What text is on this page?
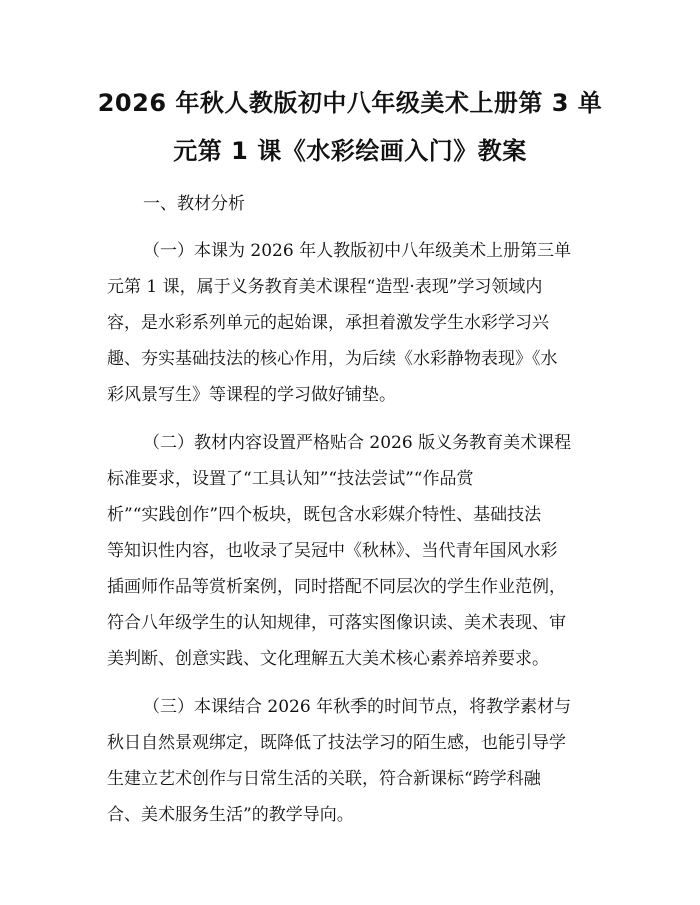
2026 年秋人教版初中八年级美术上册第 3 单
元第 1 课《水彩绘画入门》教案
一、教材分析
（一）本课为 2026 年人教版初中八年级美术上册第三单
元第 1 课，属于义务教育美术课程“造型·表现”学习领域内
容，是水彩系列单元的起始课，承担着激发学生水彩学习兴
趣、夯实基础技法的核心作用，为后续《水彩静物表现》《水
彩风景写生》等课程的学习做好铺垫。
（二）教材内容设置严格贴合 2026 版义务教育美术课程
标准要求，设置了“工具认知”“技法尝试”“作品赏
析”“实践创作”四个板块，既包含水彩媒介特性、基础技法
等知识性内容，也收录了吴冠中《秋林》、当代青年国风水彩
插画师作品等赏析案例，同时搭配不同层次的学生作业范例，
符合八年级学生的认知规律，可落实图像识读、美术表现、审
美判断、创意实践、文化理解五大美术核心素养培养要求。
（三）本课结合 2026 年秋季的时间节点，将教学素材与
秋日自然景观绑定，既降低了技法学习的陌生感，也能引导学
生建立艺术创作与日常生活的关联，符合新课标“跨学科融
合、美术服务生活”的教学导向。
